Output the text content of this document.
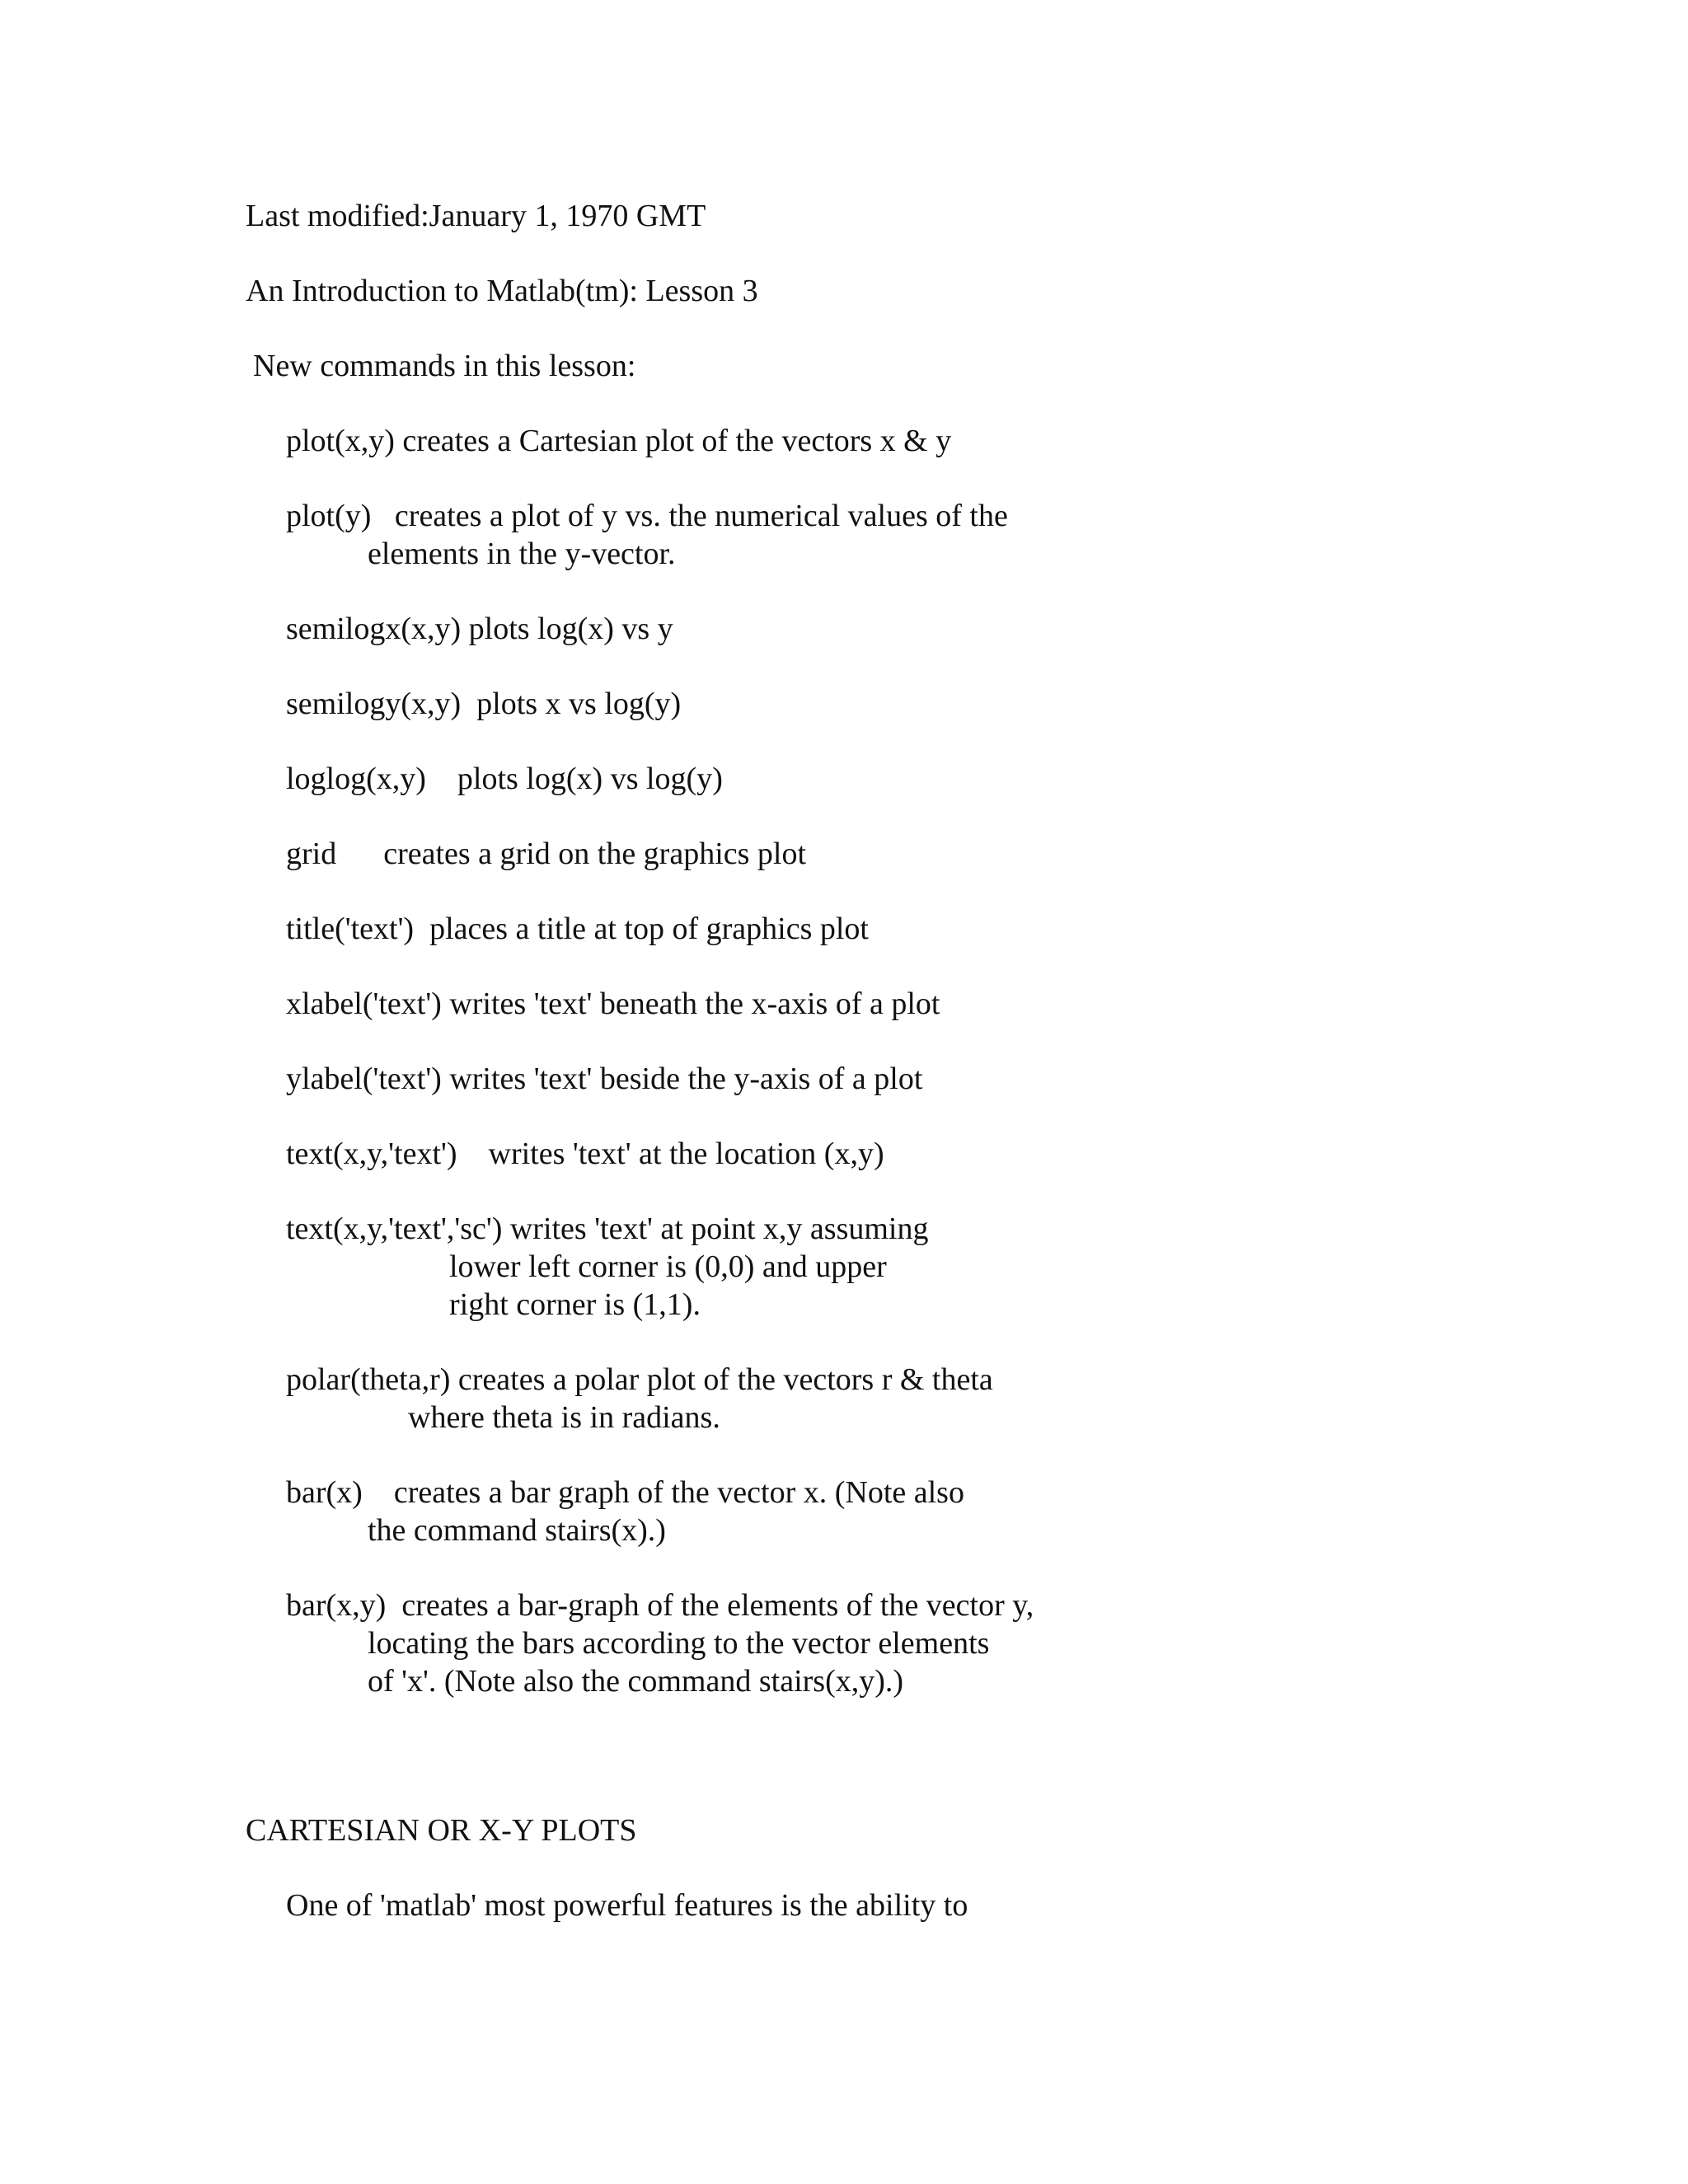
Last modified:January 1, 1970 GMT

An Introduction to Matlab(tm): Lesson 3

New commands in this lesson:

plot(x,y) creates a Cartesian plot of the vectors x & y

plot(y)   creates a plot of y vs. the numerical values of the

elements in the y-vector.

semilogx(x,y) plots log(x) vs y

semilogy(x,y)  plots x vs log(y)

loglog(x,y)    plots log(x) vs log(y)

grid      creates a grid on the graphics plot

title('text')  places a title at top of graphics plot

xlabel('text') writes 'text' beneath the x-axis of a plot

ylabel('text') writes 'text' beside the y-axis of a plot

text(x,y,'text')    writes 'text' at the location (x,y)

text(x,y,'text','sc') writes 'text' at point x,y assuming

lower left corner is (0,0) and upper

right corner is (1,1).

polar(theta,r) creates a polar plot of the vectors r & theta

where theta is in radians.

bar(x)    creates a bar graph of the vector x. (Note also

the command stairs(x).)

bar(x,y)  creates a bar-graph of the elements of the vector y,

locating the bars according to the vector elements

of 'x'. (Note also the command stairs(x,y).)

CARTESIAN OR X-Y PLOTS

One of 'matlab' most powerful features is the ability to
